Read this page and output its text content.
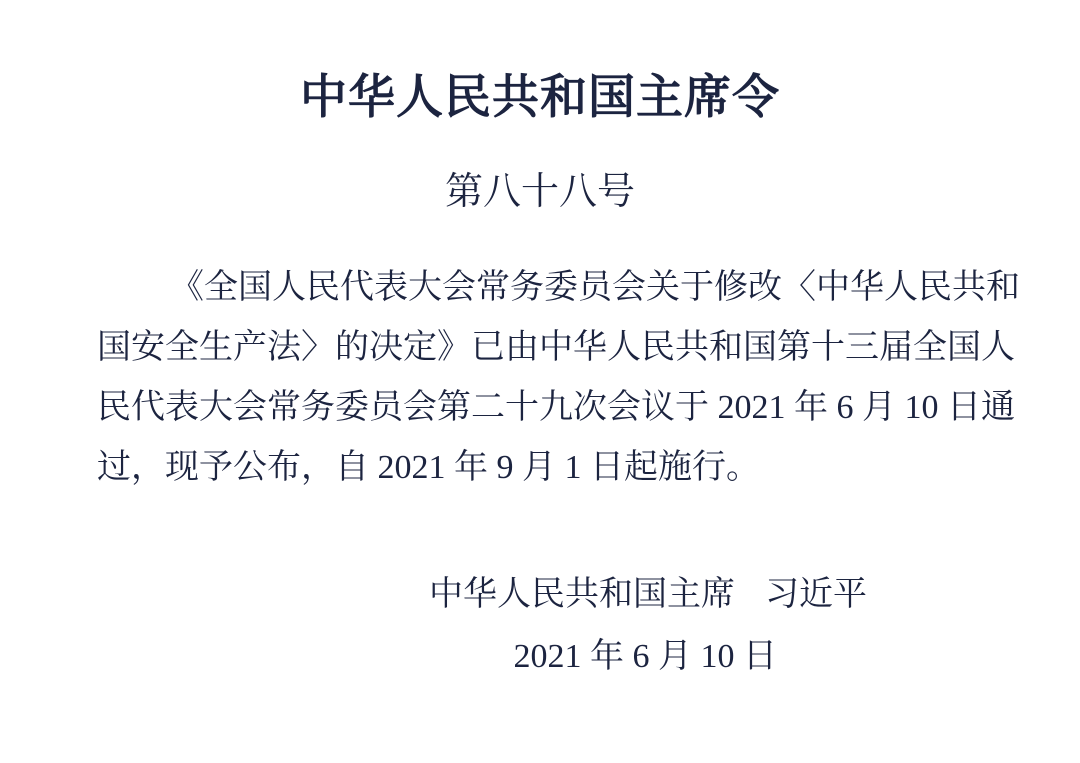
中华人民共和国主席令
第八十八号
《全国人民代表大会常务委员会关于修改〈中华人民共和
国安全生产法〉的决定》已由中华人民共和国第十三届全国人
民代表大会常务委员会第二十九次会议于 2021 年 6 月 10 日通
过，现予公布，自 2021 年 9 月 1 日起施行。
中华人民共和国主席 习近平
2021 年 6 月 10 日
